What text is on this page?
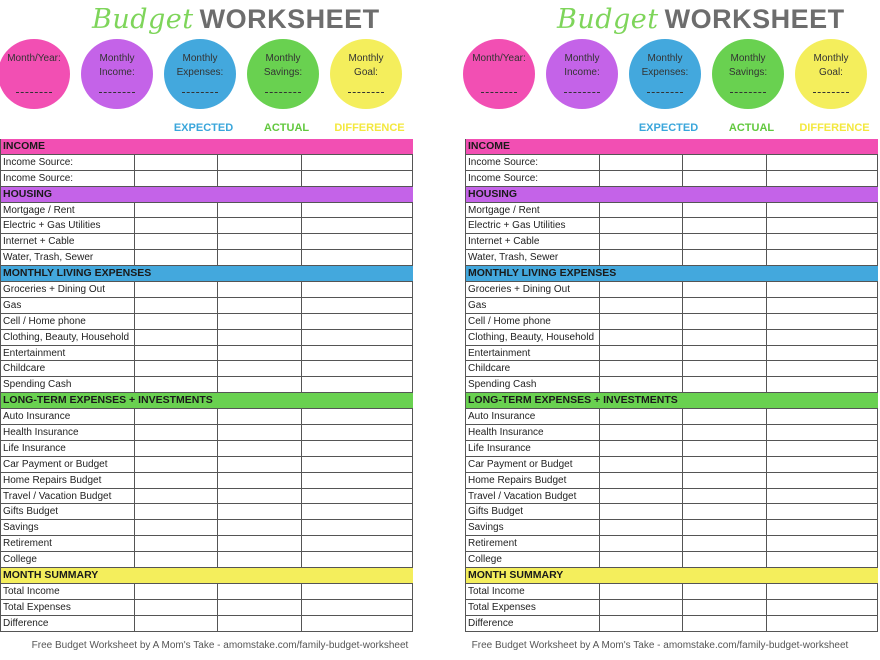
Budget WORKSHEET
Month/Year:	Monthly Income:
Monthly Expenses:
Monthly Savings:
Monthly Goal:
EXPECTED	ACTUAL	DIFFERENCE
INCOME
Income Source:
Income Source:
HOUSING
Mortgage / Rent
Electric + Gas Utilities
Internet + Cable
Water, Trash, Sewer
MONTHLY LIVING EXPENSES
Groceries + Dining Out
Gas
Cell / Home phone
Clothing, Beauty, Household
Entertainment
Childcare
Spending Cash
LONG-TERM EXPENSES + INVESTMENTS
Auto Insurance
Health Insurance
Life Insurance
Car Payment or Budget
Home Repairs Budget
Travel / Vacation Budget
Gifts Budget
Savings
Retirement
College
MONTH SUMMARY
Total Income
Total Expenses
Difference
Free Budget Worksheet by A Mom's Take - amomstake.com/family-budget-worksheet
Budget WORKSHEET
Month/Year:	Monthly Income:
Monthly Expenses:
Monthly Savings:
Monthly Goal:
EXPECTED	ACTUAL	DIFFERENCE
INCOME
Income Source:
Income Source:
HOUSING
Mortgage / Rent
Electric + Gas Utilities
Internet + Cable
Water, Trash, Sewer
MONTHLY LIVING EXPENSES
Groceries + Dining Out
Gas
Cell / Home phone
Clothing, Beauty, Household
Entertainment
Childcare
Spending Cash
LONG-TERM EXPENSES + INVESTMENTS
Auto Insurance
Health Insurance
Life Insurance
Car Payment or Budget
Home Repairs Budget
Travel / Vacation Budget
Gifts Budget
Savings
Retirement
College
MONTH SUMMARY
Total Income
Total Expenses
Difference
Free Budget Worksheet by A Mom's Take - amomstake.com/family-budget-worksheet
